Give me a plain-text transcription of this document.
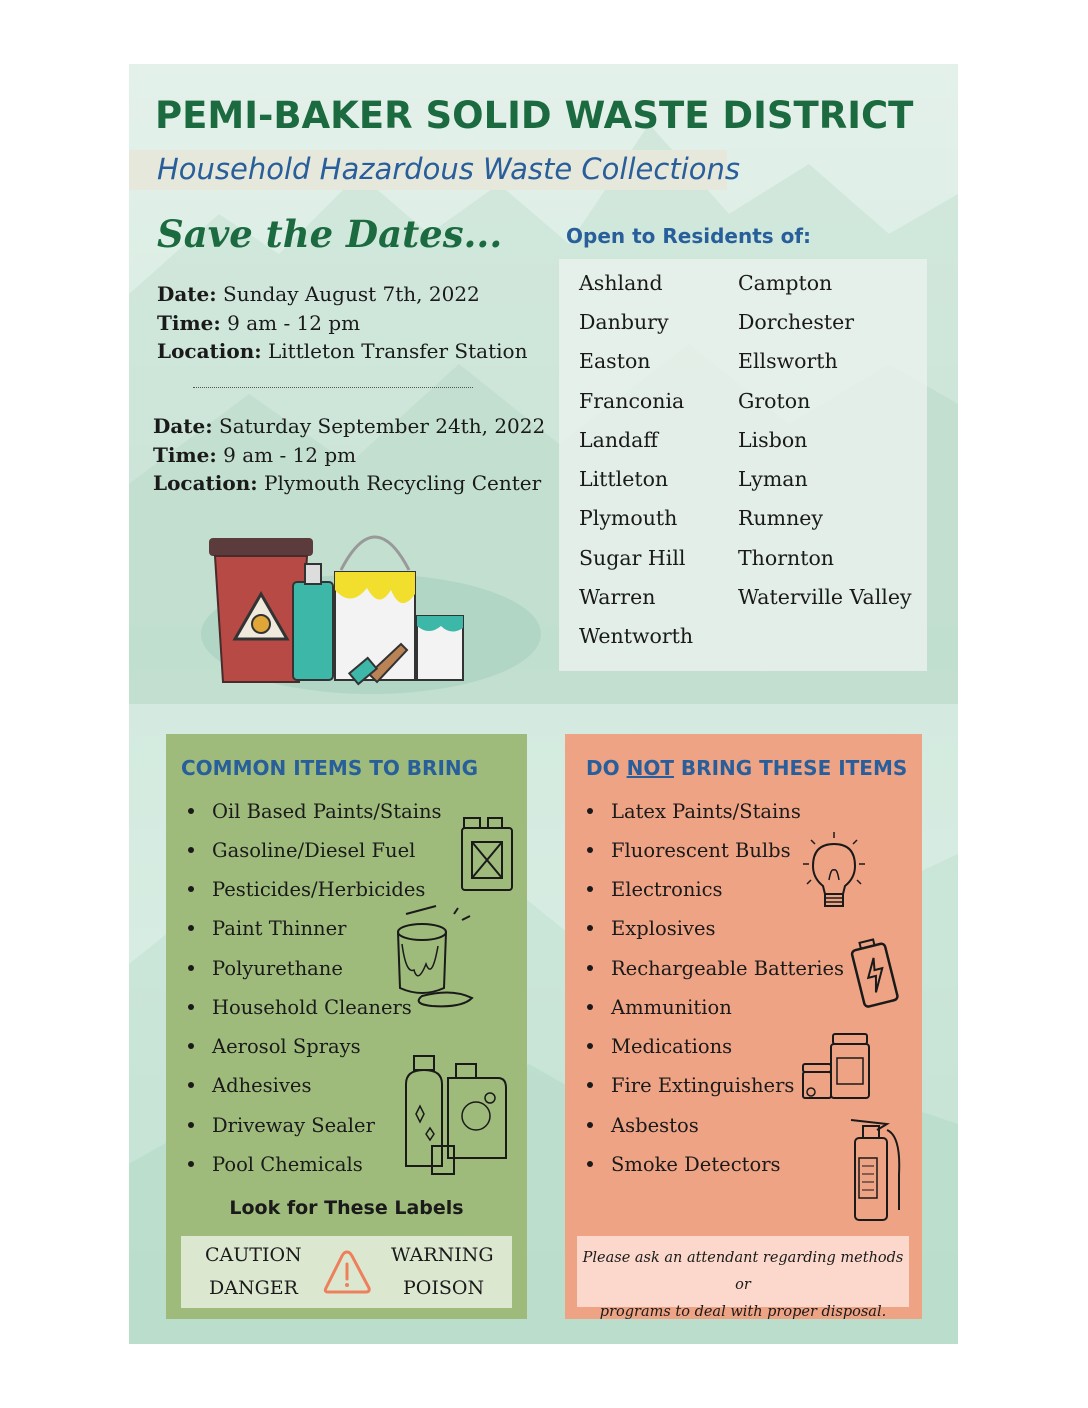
PEMI-BAKER SOLID WASTE DISTRICT
Household Hazardous Waste Collections
Save the Dates...
Date: Sunday August 7th, 2022
Time: 9 am - 12 pm
Location: Littleton Transfer Station
Date: Saturday September 24th, 2022
Time: 9 am - 12 pm
Location: Plymouth Recycling Center
Open to Residents of:
Ashland
Danbury
Easton
Franconia
Landaff
Littleton
Plymouth
Sugar Hill
Warren
Wentworth
Campton
Dorchester
Ellsworth
Groton
Lisbon
Lyman
Rumney
Thornton
Waterville Valley
COMMON ITEMS TO BRING
Oil Based Paints/Stains
Gasoline/Diesel Fuel
Pesticides/Herbicides
Paint Thinner
Polyurethane
Household Cleaners
Aerosol Sprays
Adhesives
Driveway Sealer
Pool Chemicals
Look for These Labels
CAUTION
DANGER
WARNING
POISON
DO NOT BRING THESE ITEMS
Latex Paints/Stains
Fluorescent Bulbs
Electronics
Explosives
Rechargeable Batteries
Ammunition
Medications
Fire Extinguishers
Asbestos
Smoke Detectors
Please ask an attendant regarding methods or
programs to deal with proper disposal.
